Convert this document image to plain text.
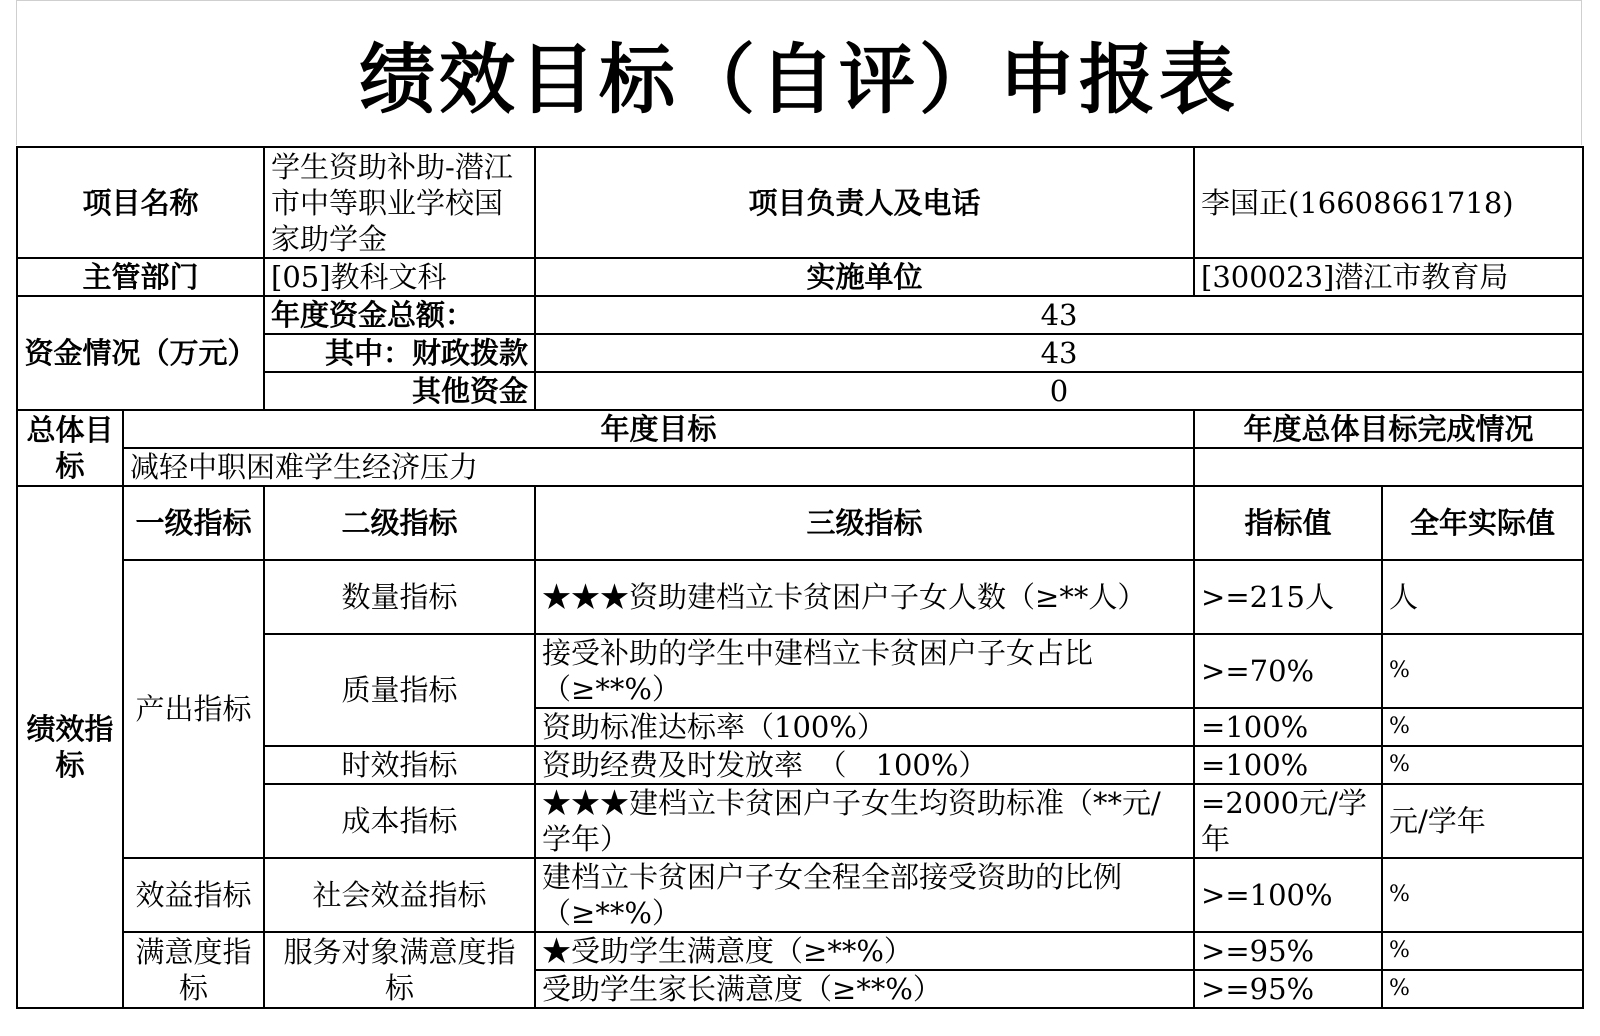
绩效目标（自评）申报表
项目名称		学生资助补助-潜江市中等职业学校国家助学金	项目负责人及电话	李国正(16608661718)	
主管部门		[05]教科文科	实施单位	[300023]潜江市教育局	
资金情况（万元）		年度资金总额：	43		
		其中：财政拨款	43		
		其他资金	0		
总体目标	年度目标			年度总体目标完成情况	
	减轻中职困难学生经济压力				
绩效指标	一级指标	二级指标	三级指标	指标值	全年实际值
	产出指标	数量指标	★★★资助建档立卡贫困户子女人数（≥**人）	>=215人	人
		质量指标	接受补助的学生中建档立卡贫困户子女占比（≥**%）	>=70%	%
			资助标准达标率（100%）	=100%	%
		时效指标	资助经费及时发放率　（　100%）	=100%	%
		成本指标	★★★建档立卡贫困户子女生均资助标准（**元/学年）	=2000元/学年	元/学年
	效益指标	社会效益指标	建档立卡贫困户子女全程全部接受资助的比例（≥**%）	>=100%	%
	满意度指标	服务对象满意度指标	★受助学生满意度（≥**%）	>=95%	%
			受助学生家长满意度（≥**%）	>=95%	%
